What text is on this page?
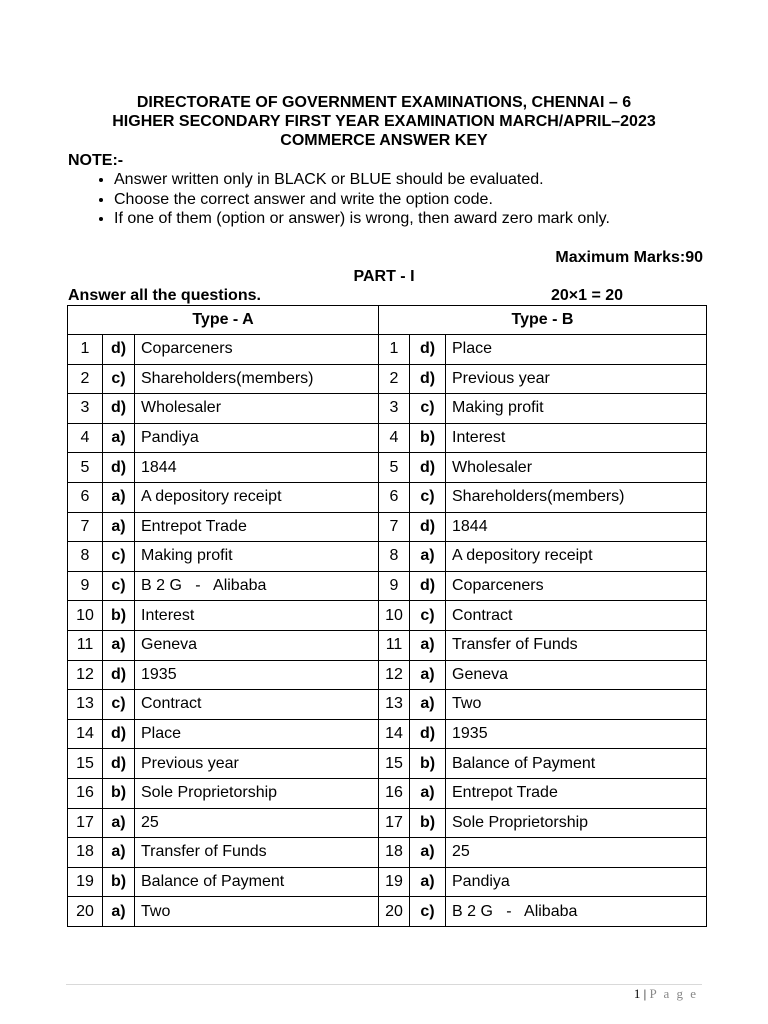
DIRECTORATE OF GOVERNMENT EXAMINATIONS, CHENNAI – 6
HIGHER SECONDARY FIRST YEAR EXAMINATION MARCH/APRIL–2023
COMMERCE ANSWER KEY
NOTE:-
• Answer written only in BLACK or BLUE should be evaluated.
• Choose the correct answer and write the option code.
• If one of them (option or answer) is wrong, then award zero mark only.
Maximum Marks:90
PART - I
Answer all the questions.	20×1 = 20
Type - A			Type - B		
1	d)	Coparceners	1	d)	Place
2	c)	Shareholders(members)	2	d)	Previous year
3	d)	Wholesaler	3	c)	Making profit
4	a)	Pandiya	4	b)	Interest
5	d)	1844	5	d)	Wholesaler
6	a)	A depository receipt	6	c)	Shareholders(members)
7	a)	Entrepot Trade	7	d)	1844
8	c)	Making profit	8	a)	A depository receipt
9	c)	B 2 G   -   Alibaba	9	d)	Coparceners
10	b)	Interest	10	c)	Contract
11	a)	Geneva	11	a)	Transfer of Funds
12	d)	1935	12	a)	Geneva
13	c)	Contract	13	a)	Two
14	d)	Place	14	d)	1935
15	d)	Previous year	15	b)	Balance of Payment
16	b)	Sole Proprietorship	16	a)	Entrepot Trade
17	a)	25	17	b)	Sole Proprietorship
18	a)	Transfer of Funds	18	a)	25
19	b)	Balance of Payment	19	a)	Pandiya
20	a)	Two	20	c)	B 2 G   -   Alibaba
1 | P a g e
